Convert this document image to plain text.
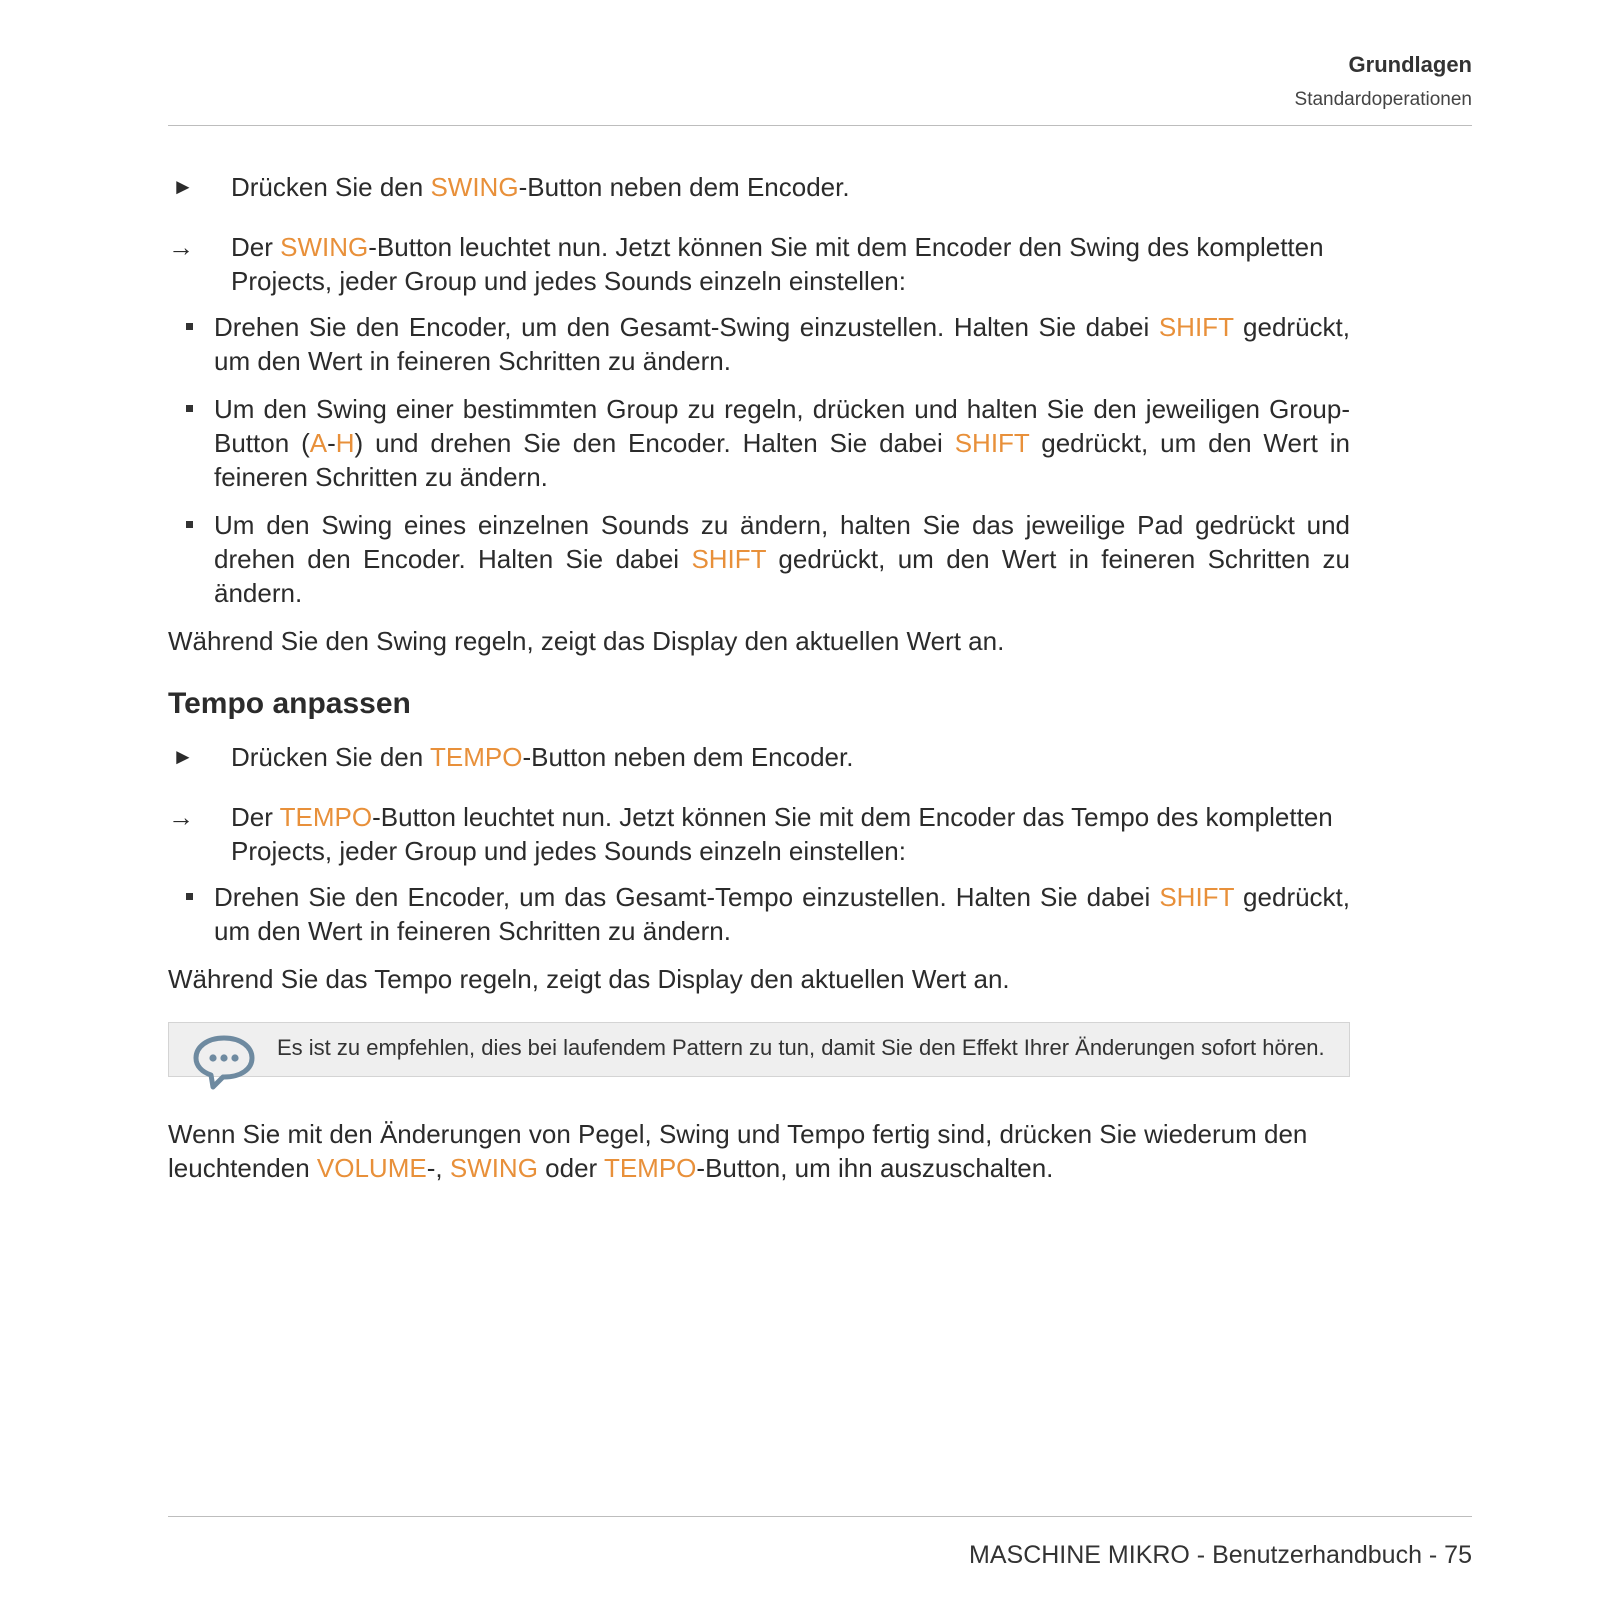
Grundlagen
Standardoperationen
► Drücken Sie den SWING-Button neben dem Encoder.
→ Der SWING-Button leuchtet nun. Jetzt können Sie mit dem Encoder den Swing des kompletten Projects, jeder Group und jedes Sounds einzeln einstellen:
Drehen Sie den Encoder, um den Gesamt-Swing einzustellen. Halten Sie dabei SHIFT gedrückt, um den Wert in feineren Schritten zu ändern.
Um den Swing einer bestimmten Group zu regeln, drücken und halten Sie den jeweiligen Group-Button (A-H) und drehen Sie den Encoder. Halten Sie dabei SHIFT gedrückt, um den Wert in feineren Schritten zu ändern.
Um den Swing eines einzelnen Sounds zu ändern, halten Sie das jeweilige Pad gedrückt und drehen den Encoder. Halten Sie dabei SHIFT gedrückt, um den Wert in feineren Schritten zu ändern.

Während Sie den Swing regeln, zeigt das Display den aktuellen Wert an.

Tempo anpassen
► Drücken Sie den TEMPO-Button neben dem Encoder.
→ Der TEMPO-Button leuchtet nun. Jetzt können Sie mit dem Encoder das Tempo des kompletten Projects, jeder Group und jedes Sounds einzeln einstellen:
Drehen Sie den Encoder, um das Gesamt-Tempo einzustellen. Halten Sie dabei SHIFT gedrückt, um den Wert in feineren Schritten zu ändern.

Während Sie das Tempo regeln, zeigt das Display den aktuellen Wert an.

Es ist zu empfehlen, dies bei laufendem Pattern zu tun, damit Sie den Effekt Ihrer Änderungen sofort hören.

Wenn Sie mit den Änderungen von Pegel, Swing und Tempo fertig sind, drücken Sie wiederum den leuchtenden VOLUME-, SWING oder TEMPO-Button, um ihn auszuschalten.

MASCHINE MIKRO - Benutzerhandbuch - 75
